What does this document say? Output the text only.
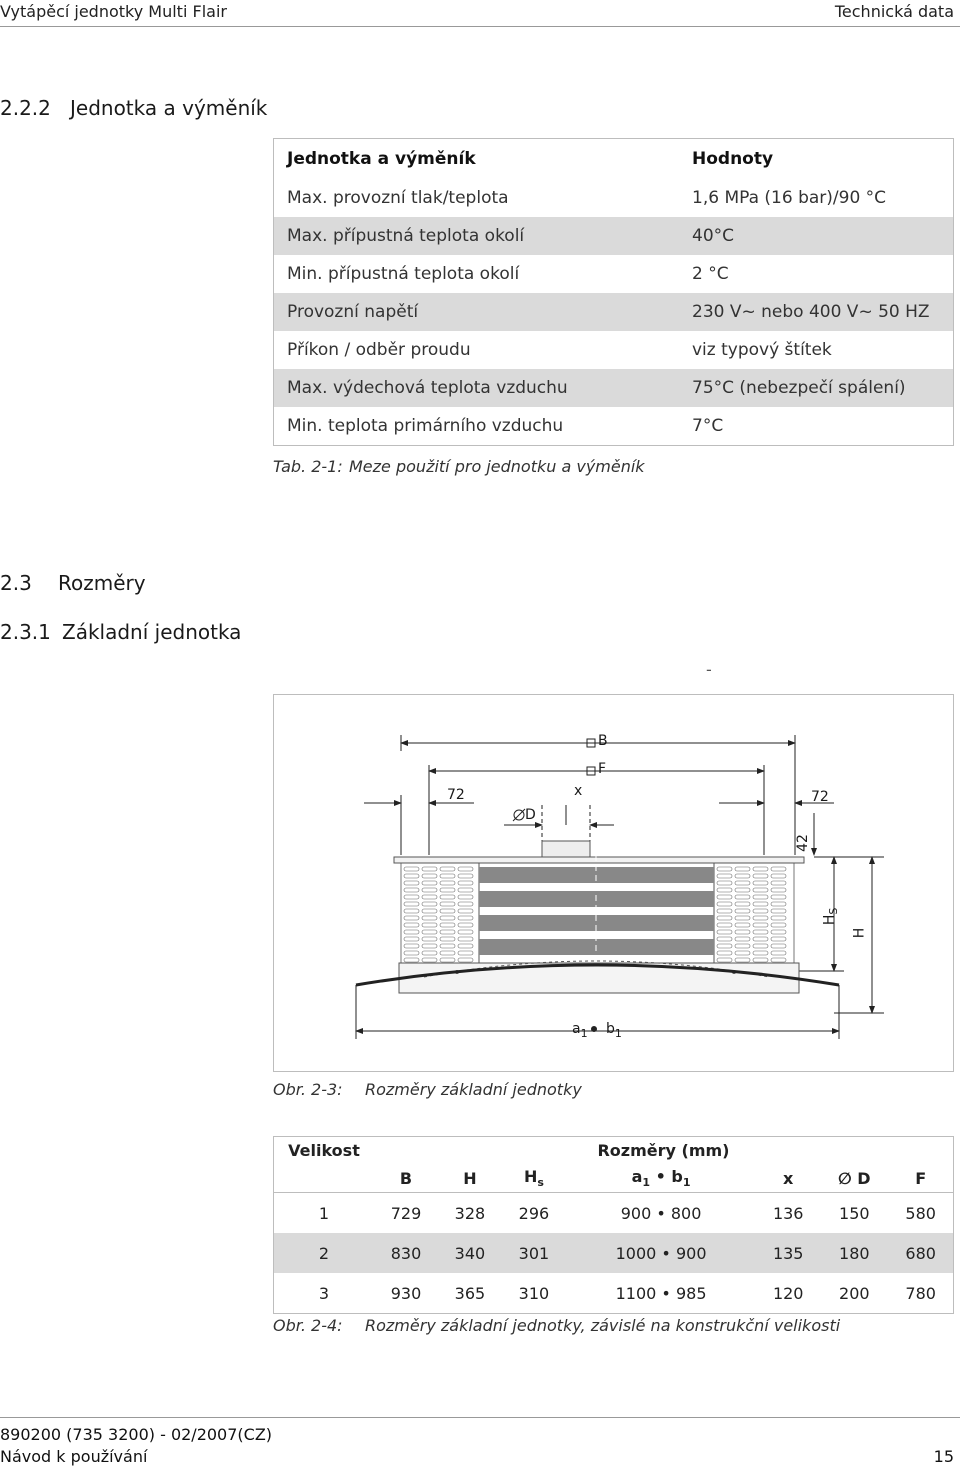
Vytápěcí jednotky Multi Flair	Technická data
2.2.2 Jednotka a výměník
Jednotka a výměník	Hodnoty
Max. provozní tlak/teplota	1,6 MPa (16 bar)/90 °C
Max. přípustná teplota okolí	40°C
Min. přípustná teplota okolí	2 °C
Provozní napětí	230 V~ nebo 400 V~ 50 HZ
Příkon / odběr proudu	viz typový štítek
Max. výdechová teplota vzduchu	75°C (nebezpečí spálení)
Min. teplota primárního vzduchu	7°C
Tab. 2-1: Meze použití pro jednotku a výměník
2.3 Rozměry
2.3.1 Základní jednotka
-
B
F
x
D
72	72
42
$H_S$
H
$a_1$ $b_1$
Obr. 2-3: Rozměry základní jednotky
Velikost	Rozměry (mm)						
	B	H	$H_s$	$a_1$ • $b_1$	x	∅ D	F
1	729	328	296	900 • 800	136	150	580
2	830	340	301	1000 • 900	135	180	680
3	930	365	310	1100 • 985	120	200	780
Obr. 2-4: Rozměry základní jednotky, závislé na konstrukční velikosti
890200 (735 3200) - 02/2007(CZ)
Návod k používání	15
